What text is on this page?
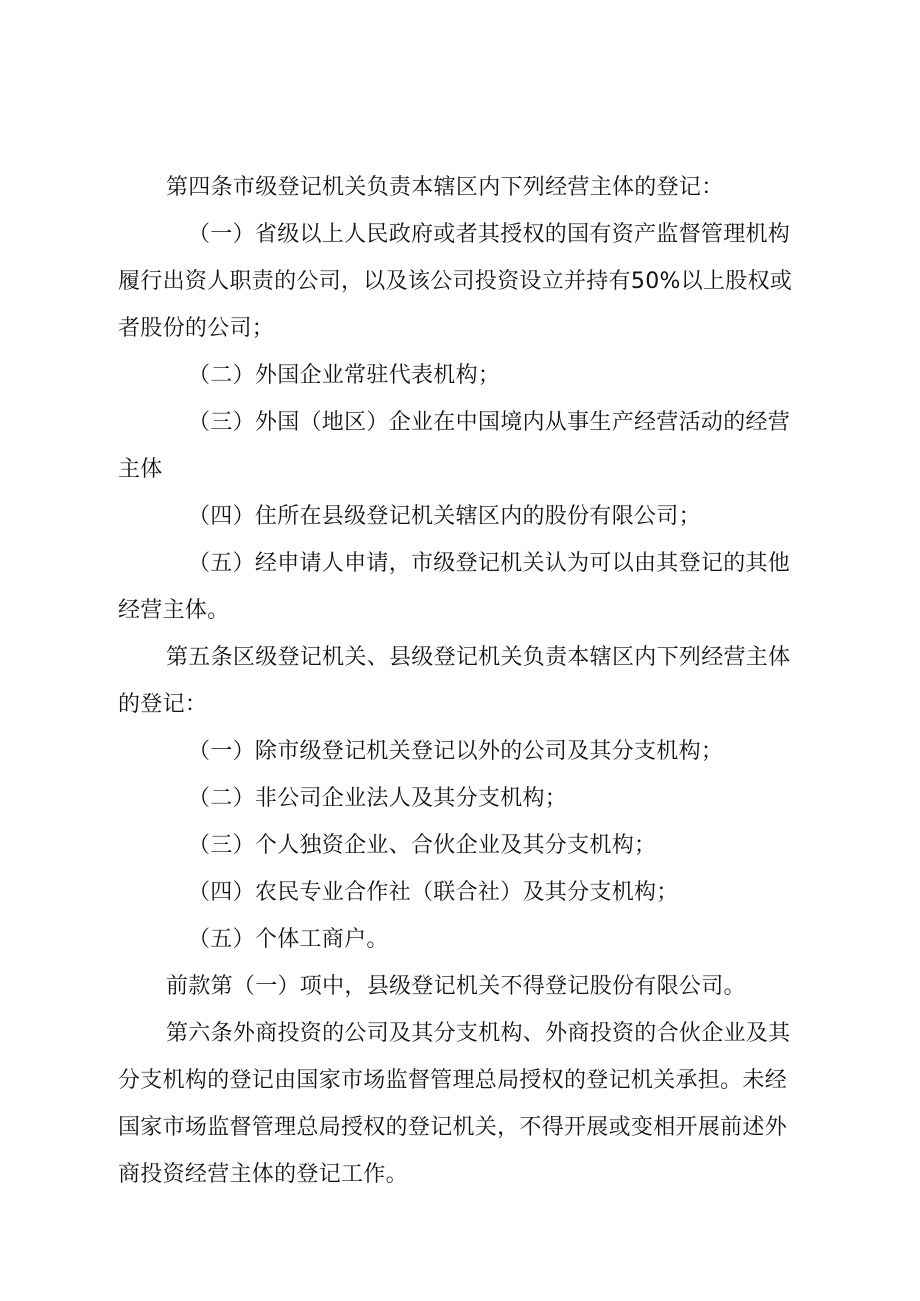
第四条市级登记机关负责本辖区内下列经营主体的登记：

（一）省级以上人民政府或者其授权的国有资产监督管理机构履行出资人职责的公司，以及该公司投资设立并持有50%以上股权或者股份的公司；

（二）外国企业常驻代表机构；

（三）外国（地区）企业在中国境内从事生产经营活动的经营主体

（四）住所在县级登记机关辖区内的股份有限公司；

（五）经申请人申请，市级登记机关认为可以由其登记的其他经营主体。

第五条区级登记机关、县级登记机关负责本辖区内下列经营主体的登记：

（一）除市级登记机关登记以外的公司及其分支机构；

（二）非公司企业法人及其分支机构；

（三）个人独资企业、合伙企业及其分支机构；

（四）农民专业合作社（联合社）及其分支机构；

（五）个体工商户。

前款第（一）项中，县级登记机关不得登记股份有限公司。

第六条外商投资的公司及其分支机构、外商投资的合伙企业及其分支机构的登记由国家市场监督管理总局授权的登记机关承担。未经国家市场监督管理总局授权的登记机关，不得开展或变相开展前述外商投资经营主体的登记工作。
